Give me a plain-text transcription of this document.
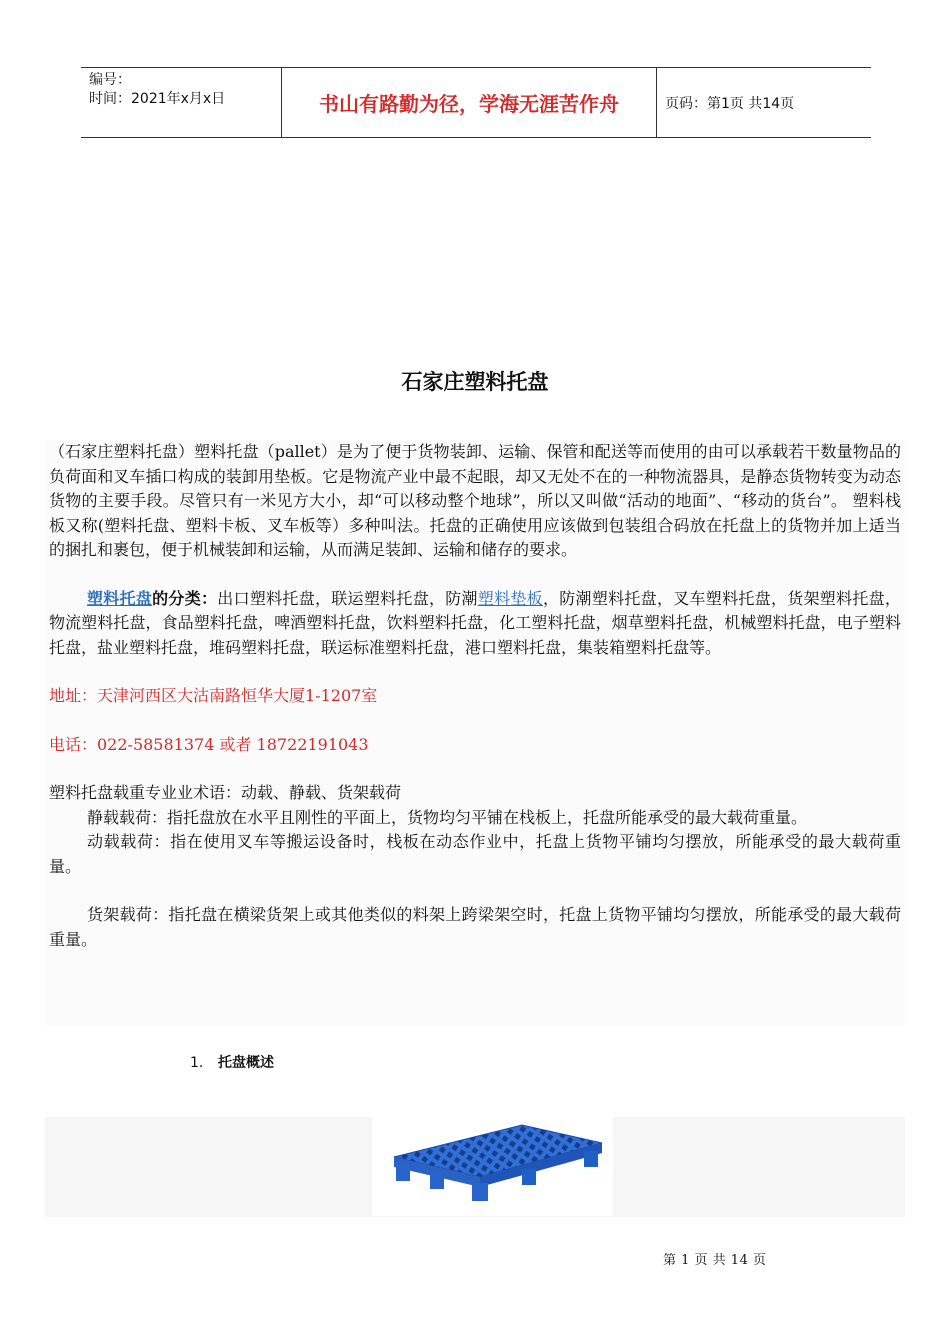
编号：
时间：2021年x月x日	书山有路勤为径，学海无涯苦作舟	页码：第1页 共14页
石家庄塑料托盘

（石家庄塑料托盘）塑料托盘（pallet）是为了便于货物装卸、运输、保管和配送等而使用的由可以承载若干数量物品的负荷面和叉车插口构成的装卸用垫板。它是物流产业中最不起眼，却又无处不在的一种物流器具，是静态货物转变为动态货物的主要手段。尽管只有一米见方大小，却“可以移动整个地球”，所以又叫做“活动的地面”、“移动的货台”。 塑料栈板又称(塑料托盘、塑料卡板、叉车板等）多种叫法。托盘的正确使用应该做到包装组合码放在托盘上的货物并加上适当的捆扎和裹包，便于机械装卸和运输，从而满足装卸、运输和储存的要求。

塑料托盘的分类：出口塑料托盘，联运塑料托盘，防潮塑料垫板，防潮塑料托盘，叉车塑料托盘，货架塑料托盘，物流塑料托盘，食品塑料托盘，啤酒塑料托盘，饮料塑料托盘，化工塑料托盘，烟草塑料托盘，机械塑料托盘，电子塑料托盘，盐业塑料托盘，堆码塑料托盘，联运标准塑料托盘，港口塑料托盘，集装箱塑料托盘等。

地址：天津河西区大沽南路恒华大厦1-1207室

电话：022-58581374 或者 18722191043

塑料托盘载重专业业术语：动载、静载、货架载荷

静载载荷：指托盘放在水平且刚性的平面上，货物均匀平铺在栈板上，托盘所能承受的最大载荷重量。

动载载荷：指在使用叉车等搬运设备时，栈板在动态作业中，托盘上货物平铺均匀摆放，所能承受的最大载荷重量。

货架载荷：指托盘在横梁货架上或其他类似的料架上跨梁架空时，托盘上货物平铺均匀摆放，所能承受的最大载荷重量。

1. 托盘概述
第 1 页 共 14 页
